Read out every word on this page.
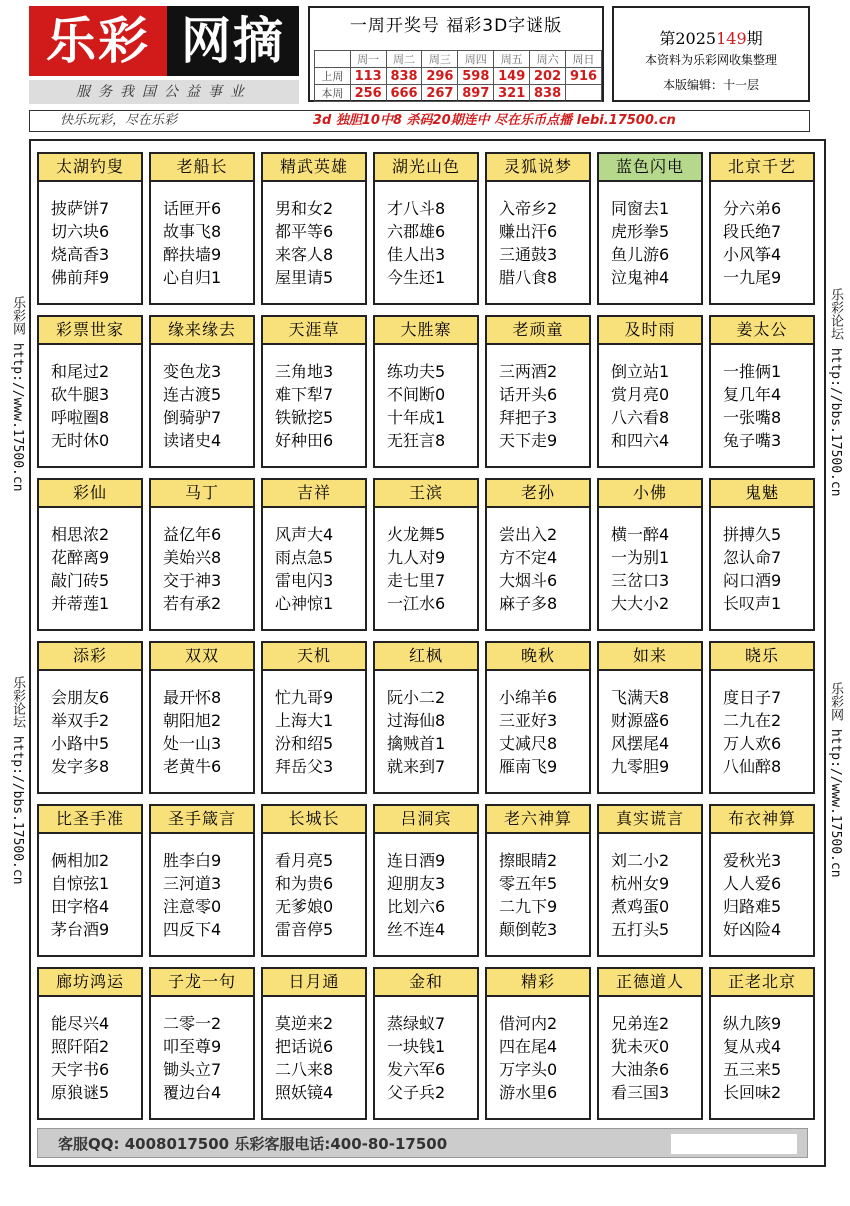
乐彩 网摘
服务我国公益事业
一周开奖号 福彩3D字谜版
	周一	周二	周三	周四	周五	周六	周日
上周	113	838	296	598	149	202	916
本周	256	666	267	897	321	838	
第2025149期
本资料为乐彩网收集整理
本版编辑：十一层
快乐玩彩，尽在乐彩	3d 独胆10中8 杀码20期连中 尽在乐币点播 lebi.17500.cn
乐彩网 http://www.17500.cn
乐彩论坛 http://bbs.17500.cn
乐彩论坛 http://bbs.17500.cn
乐彩网 http://www.17500.cn
太湖钓叟
披萨饼7
切六块6
烧高香3
佛前拜9
老船长
话匣开6
故事飞8
醉扶墙9
心自归1
精武英雄
男和女2
都平等6
来客人8
屋里请5
湖光山色
才八斗8
六郡雄6
佳人出3
今生还1
灵狐说梦
入帝乡2
赚出汗6
三通鼓3
腊八食8
蓝色闪电
同窗去1
虎形拳5
鱼儿游6
泣鬼神4
北京千艺
分六弟6
段氏绝7
小风筝4
一九尾9
彩票世家
和尾过2
砍牛腿3
呼啦圈8
无时休0
缘来缘去
变色龙3
连古渡5
倒骑驴7
读诸史4
天涯草
三角地3
难下犁7
铁锨挖5
好种田6
大胜寨
练功夫5
不间断0
十年成1
无狂言8
老顽童
三两酒2
话开头6
拜把子3
天下走9
及时雨
倒立站1
赏月亮0
八六看8
和四六4
姜太公
一推俩1
复几年4
一张嘴8
兔子嘴3
彩仙
相思浓2
花醉离9
敲门砖5
并蒂莲1
马丁
益亿年6
美始兴8
交于神3
若有承2
吉祥
风声大4
雨点急5
雷电闪3
心神惊1
王滨
火龙舞5
九人对9
走七里7
一江水6
老孙
尝出入2
方不定4
大烟斗6
麻子多8
小佛
横一醉4
一为别1
三岔口3
大大小2
鬼魅
拼搏久5
忽认命7
闷口酒9
长叹声1
添彩
会朋友6
举双手2
小路中5
发字多8
双双
最开怀8
朝阳旭2
处一山3
老黄牛6
天机
忙九哥9
上海大1
汾和绍5
拜岳父3
红枫
阮小二2
过海仙8
擒贼首1
就来到7
晚秋
小绵羊6
三亚好3
丈减尺8
雁南飞9
如来
飞满天8
财源盛6
风摆尾4
九零胆9
晓乐
度日子7
二九在2
万人欢6
八仙醉8
比圣手准
俩相加2
自惊弦1
田字格4
茅台酒9
圣手箴言
胜李白9
三河道3
注意零0
四反下4
长城长
看月亮5
和为贵6
无爹娘0
雷音停5
吕洞宾
连日酒9
迎朋友3
比划六6
丝不连4
老六神算
擦眼睛2
零五年5
二九下9
颠倒乾3
真实谎言
刘二小2
杭州女9
煮鸡蛋0
五打头5
布衣神算
爱秋光3
人人爱6
归路难5
好凶险4
廊坊鸿运
能尽兴4
照阡陌2
天字书6
原狼谜5
子龙一句
二零一2
叩至尊9
锄头立7
覆边台4
日月通
莫逆来2
把话说6
二八来8
照妖镜4
金和
蒸绿蚁7
一块钱1
发六军6
父子兵2
精彩
借河内2
四在尾4
万字头0
游水里6
正德道人
兄弟连2
犹未灭0
大油条6
看三国3
正老北京
纵九陔9
复从戎4
五三来5
长回味2
客服QQ: 4008017500 乐彩客服电话:400-80-17500
